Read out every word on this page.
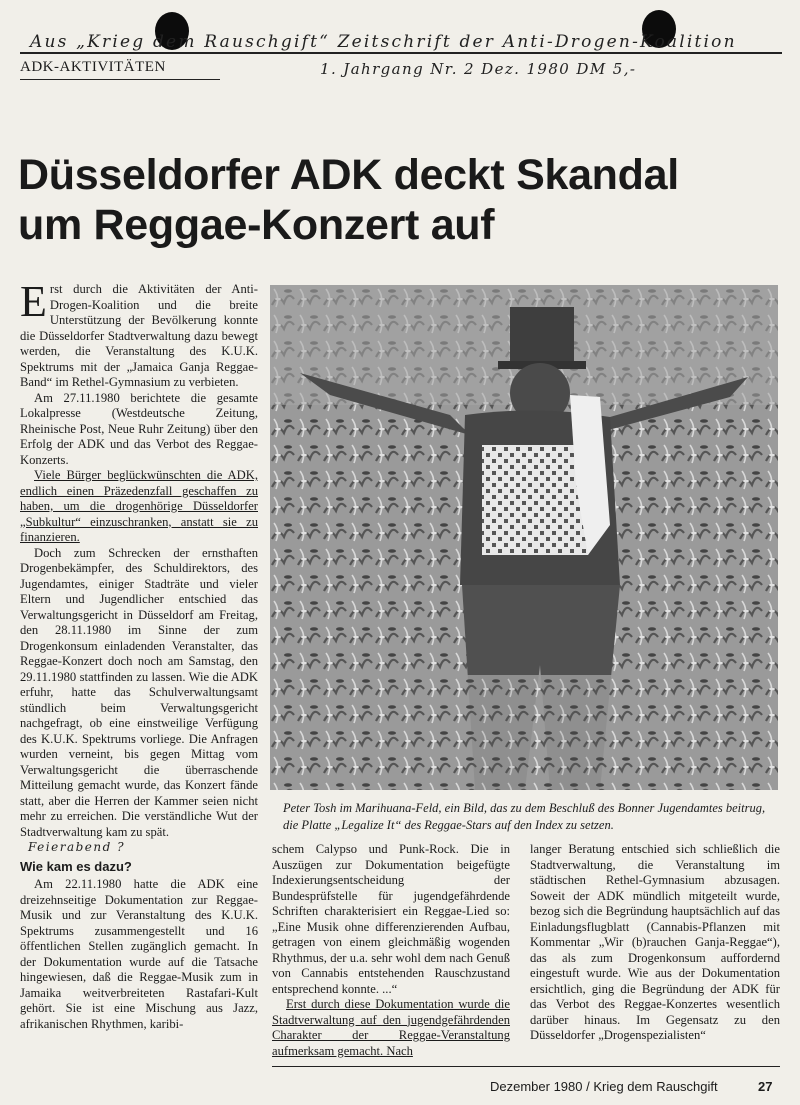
Aus „Krieg dem Rauschgift“ Zeitschrift der Anti-Drogen-Koalition
1. Jahrgang Nr. 2 Dez. 1980 DM 5,-
ADK-AKTIVITÄTEN
Düsseldorfer ADK deckt Skandal
um Reggae-Konzert auf

Erst durch die Aktivitäten der Anti-Drogen-Koalition und die breite Unterstützung der Bevölkerung konnte die Düsseldorfer Stadtverwaltung dazu bewegt werden, die Veranstaltung des K.U.K. Spektrums mit der „Jamaica Ganja Reggae-Band“ im Rethel-Gymnasium zu verbieten.

Am 27.11.1980 berichtete die gesamte Lokalpresse (Westdeutsche Zeitung, Rheinische Post, Neue Ruhr Zeitung) über den Erfolg der ADK und das Verbot des Reggae-Konzerts.

Viele Bürger beglückwünschten die ADK, endlich einen Präzedenzfall geschaffen zu haben, um die drogenhörige Düsseldorfer „Subkultur“ einzuschranken, anstatt sie zu finanzieren.

Doch zum Schrecken der ernsthaften Drogenbekämpfer, des Schuldirektors, des Jugendamtes, einiger Stadträte und vieler Eltern und Jugendlicher entschied das Verwaltungsgericht in Düsseldorf am Freitag, den 28.11.1980 im Sinne der zum Drogenkonsum einladenden Veranstalter, das Reggae-Konzert doch noch am Samstag, den 29.11.1980 stattfinden zu lassen. Wie die ADK erfuhr, hatte das Schulverwaltungsamt stündlich beim Verwaltungsgericht nachgefragt, ob eine einstweilige Verfügung des K.U.K. Spektrums vorliege. Die Anfragen wurden verneint, bis gegen Mittag vom Verwaltungsgericht die überraschende Mitteilung gemacht wurde, das Konzert fände statt, aber die Herren der Kammer seien nicht mehr zu erreichen. Die verständliche Wut der Stadtverwaltung kam zu spät.

Feierabend ?
Wie kam es dazu?

Am 22.11.1980 hatte die ADK eine dreizehnseitige Dokumentation zur Reggae-Musik und zur Veranstaltung des K.U.K. Spektrums zusammengestellt und 16 öffentlichen Stellen zugänglich gemacht. In der Dokumentation wurde auf die Tatsache hingewiesen, daß die Reggae-Musik zum in Jamaika weitverbreiteten Rastafari-Kult gehört. Sie ist eine Mischung aus Jazz, afrikanischen Rhythmen, karibi-

Peter Tosh im Marihuana-Feld, ein Bild, das zu dem Beschluß des Bonner Jugendamtes beitrug, die Platte „Legalize It“ des Reggae-Stars auf den Index zu setzen.

schem Calypso und Punk-Rock. Die in Auszügen zur Dokumentation beigefügte Indexierungsentscheidung der Bundesprüfstelle für jugendgefährdende Schriften charakterisiert ein Reggae-Lied so: „Eine Musik ohne differenzierenden Aufbau, getragen von einem gleichmäßig wogenden Rhythmus, der u.a. sehr wohl dem nach Genuß von Cannabis entstehenden Rauschzustand entsprechend konnte. ...“

Erst durch diese Dokumentation wurde die Stadtverwaltung auf den jugendgefährdenden Charakter der Reggae-Veranstaltung aufmerksam gemacht. Nach

langer Beratung entschied sich schließlich die Stadtverwaltung, die Veranstaltung im städtischen Rethel-Gymnasium abzusagen. Soweit der ADK mündlich mitgeteilt wurde, bezog sich die Begründung hauptsächlich auf das Einladungsflugblatt (Cannabis-Pflanzen mit Kommentar „Wir (b)rauchen Ganja-Reggae“), das als zum Drogenkonsum auffordernd eingestuft wurde. Wie aus der Dokumentation ersichtlich, ging die Begründung der ADK für das Verbot des Reggae-Konzertes wesentlich darüber hinaus. Im Gegensatz zu den Düsseldorfer „Drogenspezialisten“

Dezember 1980 / Krieg dem Rauschgift	27
